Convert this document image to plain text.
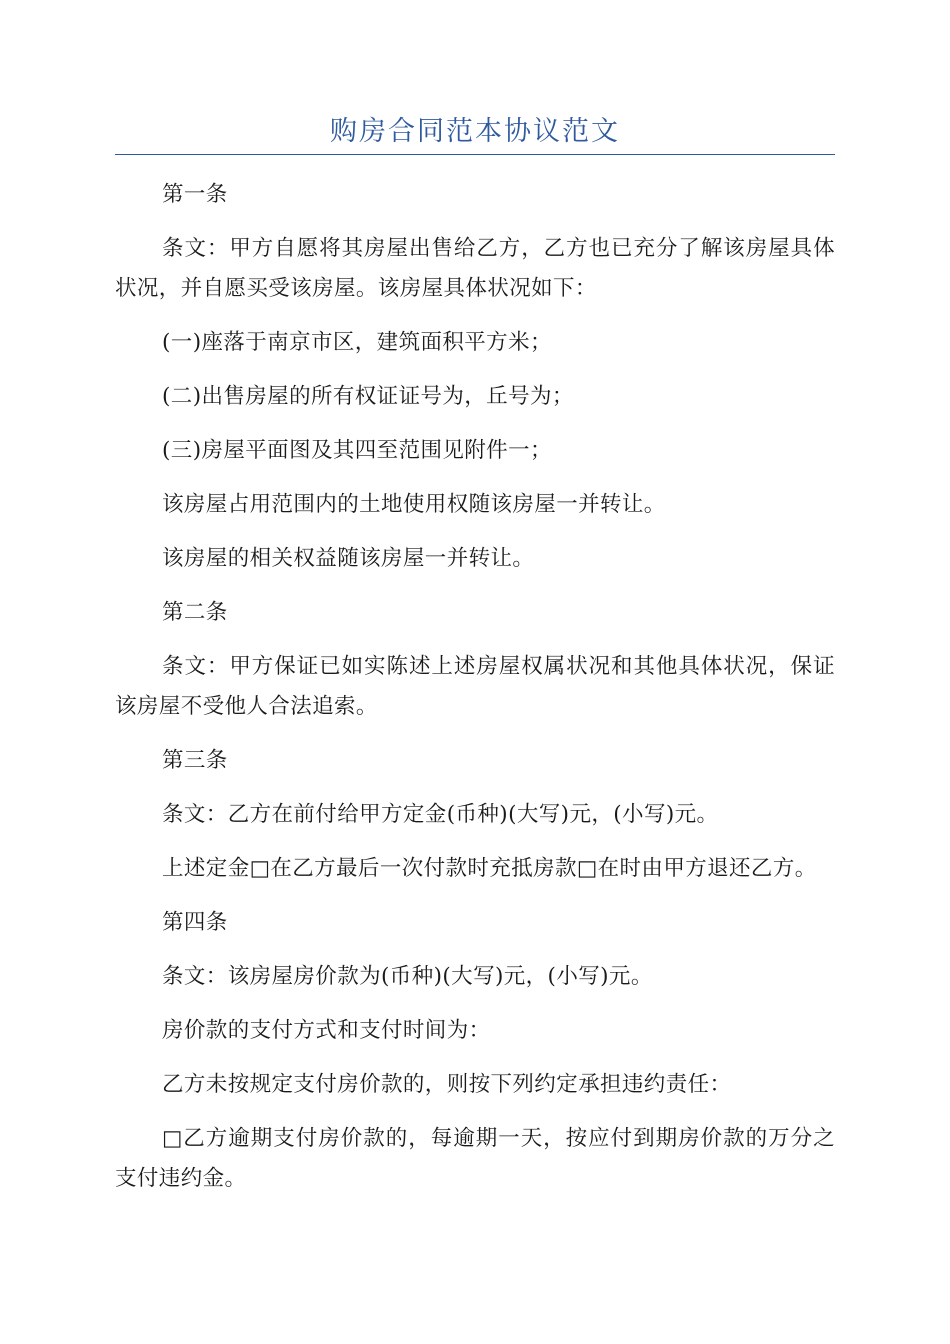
购房合同范本协议范文

第一条

条文：甲方自愿将其房屋出售给乙方，乙方也已充分了解该房屋具体状况，并自愿买受该房屋。该房屋具体状况如下：

(一)座落于南京市区，建筑面积平方米；

(二)出售房屋的所有权证证号为，丘号为；

(三)房屋平面图及其四至范围见附件一；

该房屋占用范围内的土地使用权随该房屋一并转让。

该房屋的相关权益随该房屋一并转让。

第二条

条文：甲方保证已如实陈述上述房屋权属状况和其他具体状况，保证该房屋不受他人合法追索。

第三条

条文：乙方在前付给甲方定金(币种)(大写)元，(小写)元。

上述定金□在乙方最后一次付款时充抵房款□在时由甲方退还乙方。

第四条

条文：该房屋房价款为(币种)(大写)元，(小写)元。

房价款的支付方式和支付时间为：

乙方未按规定支付房价款的，则按下列约定承担违约责任：

□乙方逾期支付房价款的，每逾期一天，按应付到期房价款的万分之支付违约金。
